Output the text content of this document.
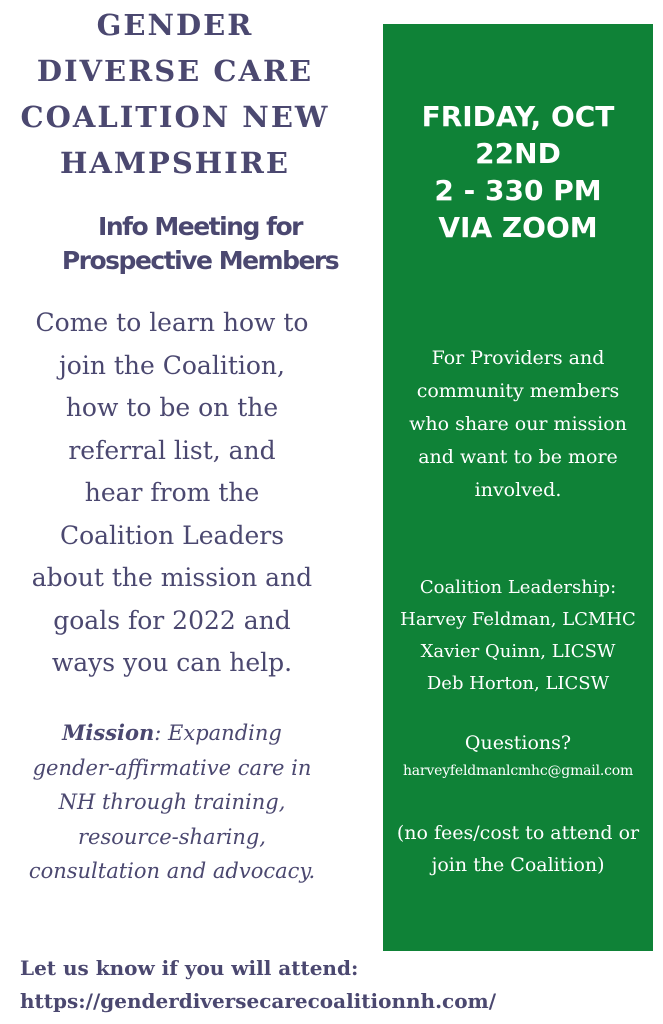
GENDER
DIVERSE CARE
COALITION NEW
HAMPSHIRE
Info Meeting for
Prospective Members

Come to learn how to
join the Coalition,
how to be on the
referral list, and
hear from the
Coalition Leaders
about the mission and
goals for 2022 and
ways you can help.

Mission: Expanding
gender-affirmative care in
NH through training,
resource-sharing,
consultation and advocacy.

FRIDAY, OCT
22ND
2 - 330 PM
VIA ZOOM

For Providers and
community members
who share our mission
and want to be more
involved.

Coalition Leadership:
Harvey Feldman, LCMHC
Xavier Quinn, LICSW
Deb Horton, LICSW

Questions?
harveyfeldmanlcmhc@gmail.com

(no fees/cost to attend or
join the Coalition)

Let us know if you will attend:
https://genderdiversecarecoalitionnh.com/
